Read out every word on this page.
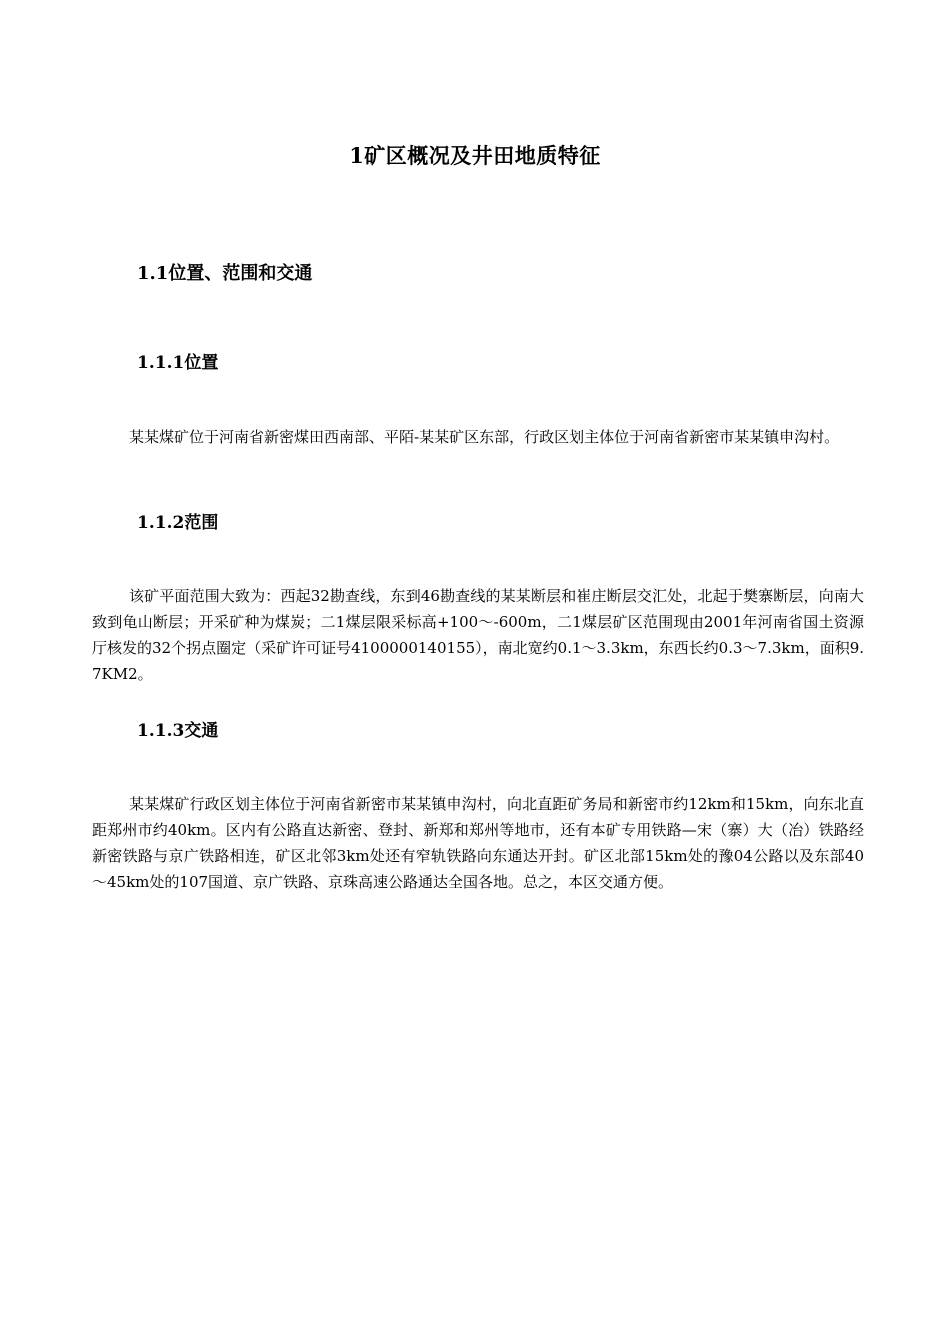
1矿区概况及井田地质特征
1.1位置、范围和交通
1.1.1位置

某某煤矿位于河南省新密煤田西南部、平陌-某某矿区东部，行政区划主体位于河南省新密市某某镇申沟村。

1.1.2范围

该矿平面范围大致为：西起32勘查线，东到46勘查线的某某断层和崔庄断层交汇处，北起于樊寨断层，向南大致到龟山断层；开采矿种为煤炭；二1煤层限采标高+100～-600m，二1煤层矿区范围现由2001年河南省国土资源厅核发的32个拐点圈定（采矿许可证号4100000140155），南北宽约0.1～3.3km，东西长约0.3～7.3km，面积9.7KM2。

1.1.3交通

某某煤矿行政区划主体位于河南省新密市某某镇申沟村，向北直距矿务局和新密市约12km和15km，向东北直距郑州市约40km。区内有公路直达新密、登封、新郑和郑州等地市，还有本矿专用铁路—宋（寨）大（冶）铁路经新密铁路与京广铁路相连，矿区北邻3km处还有窄轨铁路向东通达开封。矿区北部15km处的豫04公路以及东部40～45km处的107国道、京广铁路、京珠高速公路通达全国各地。总之，本区交通方便。
